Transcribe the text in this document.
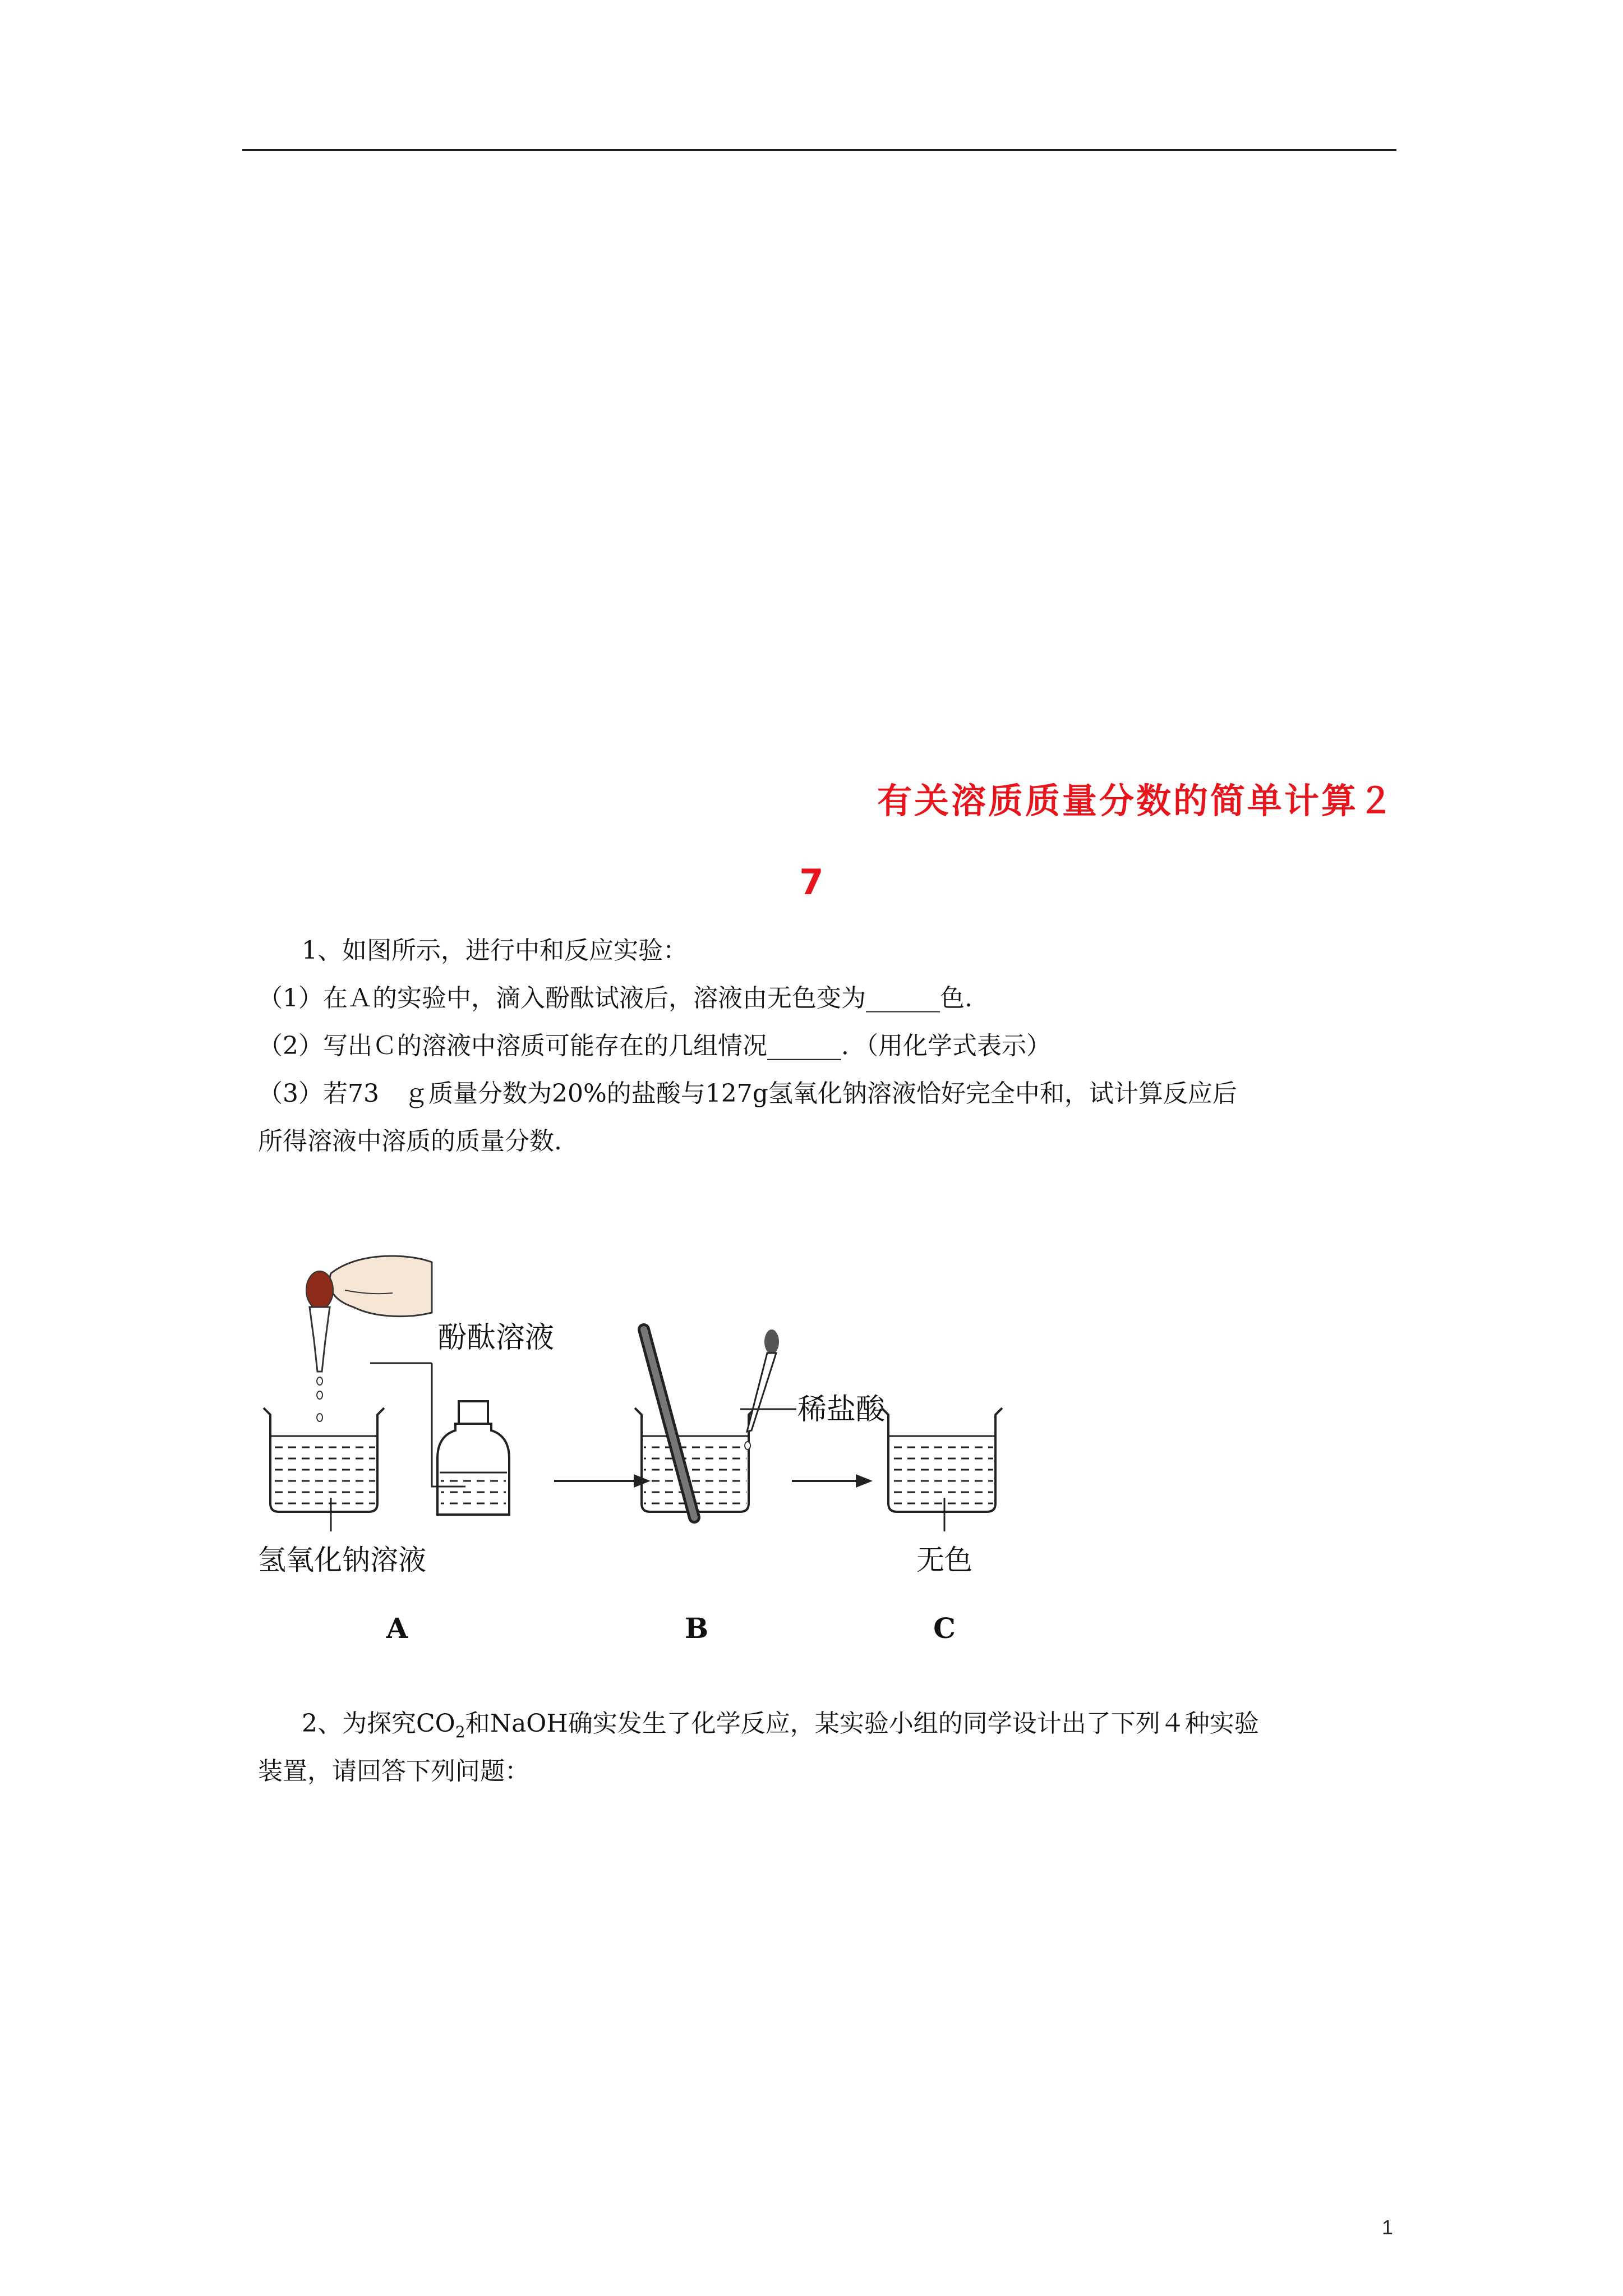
有关溶质质量分数的简单计算２
7
1、如图所示，进行中和反应实验：
（1）在Ａ的实验中，滴入酚酞试液后，溶液由无色变为______色.
（2）写出Ｃ的溶液中溶质可能存在的几组情况______．（用化学式表示）
（3）若73　ｇ质量分数为20%的盐酸与127g氢氧化钠溶液恰好完全中和，试计算反应后
所得溶液中溶质的质量分数.
酚酞溶液
氢氧化钠溶液
A
稀盐酸
B
无色
C
2、为探究$CO_2$和NaOH确实发生了化学反应，某实验小组的同学设计出了下列４种实验
装置，请回答下列问题：
1
